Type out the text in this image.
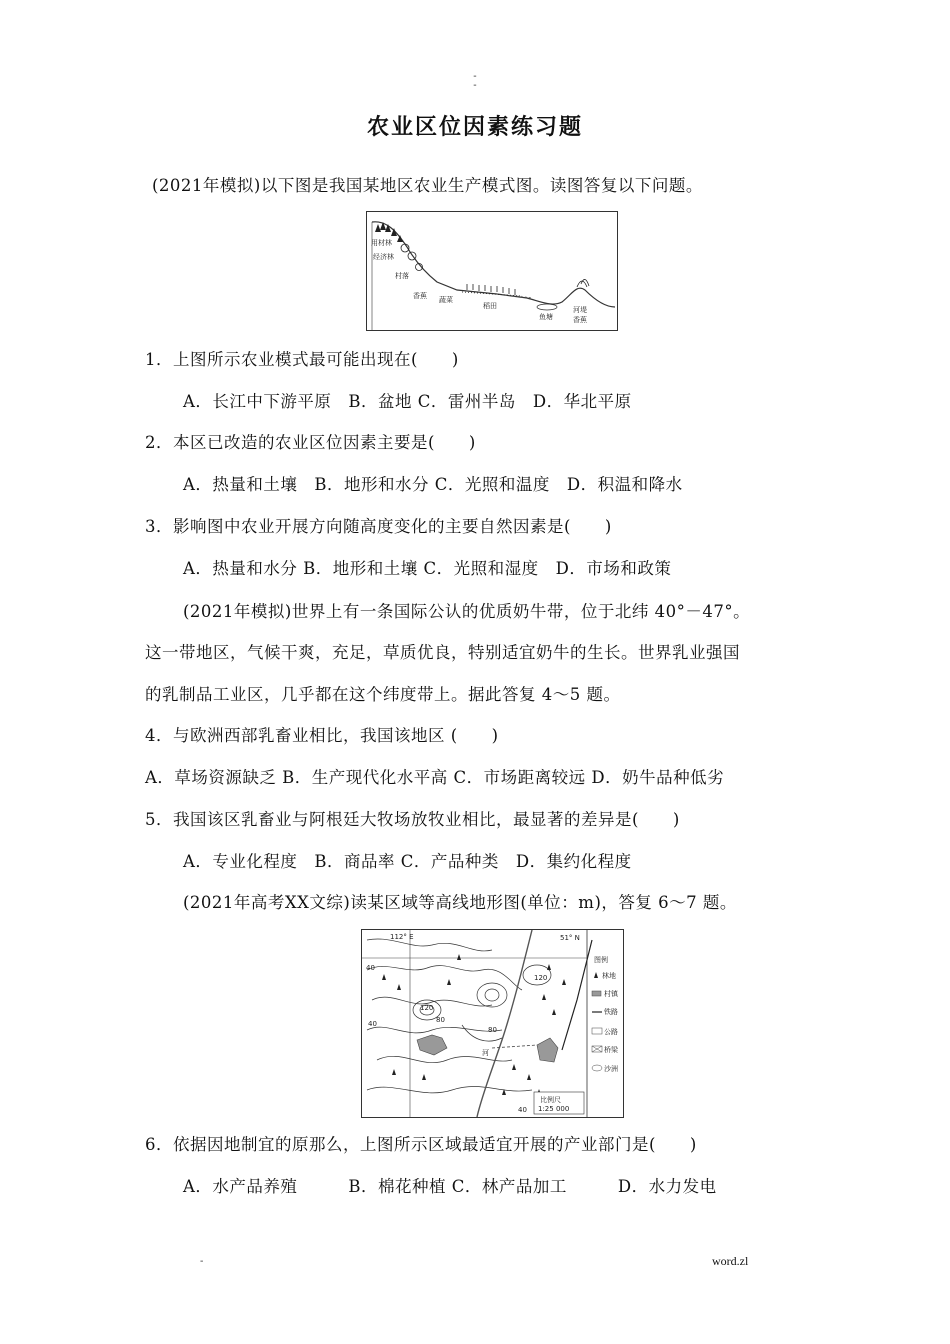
-
-
农业区位因素练习题
(2021年模拟)以下图是我国某地区农业生产模式图。读图答复以下问题。
用材林
经济林
村落
香蕉 蔬菜
稻田
鱼塘
河堤
香蕉
1．上图所示农业模式最可能出现在(　　)
A．长江中下游平原　B．盆地 C．雷州半岛　D．华北平原
2．本区已改造的农业区位因素主要是(　　)
A．热量和土壤　B．地形和水分 C．光照和温度　D．积温和降水
3．影响图中农业开展方向随高度变化的主要自然因素是(　　)
A．热量和水分 B．地形和土壤 C．光照和湿度　D．市场和政策
(2021年模拟)世界上有一条国际公认的优质奶牛带，位于北纬 40°－47°。
这一带地区，气候干爽，充足，草质优良，特别适宜奶牛的生长。世界乳业强国
的乳制品工业区，几乎都在这个纬度带上。据此答复 4～5 题。
4．与欧洲西部乳畜业相比，我国该地区 (　　)
A．草场资源缺乏 B．生产现代化水平高 C．市场距离较远 D．奶牛品种低劣
5．我国该区乳畜业与阿根廷大牧场放牧业相比，最显著的差异是(　　)
A．专业化程度　B．商品率 C．产品种类　D．集约化程度
(2021年高考XX文综)读某区域等高线地形图(单位：m)，答复 6～7 题。
112° E	51° N
40
120
80
120
40
40
80
河
图例
林地
村镇
铁路
公路
桥梁
沙洲
比例尺
1:25 000
6．依据因地制宜的原那么，上图所示区域最适宜开展的产业部门是(　　)
A．水产品养殖　　　B．棉花种植 C．林产品加工　　　D．水力发电
-	word.zl
